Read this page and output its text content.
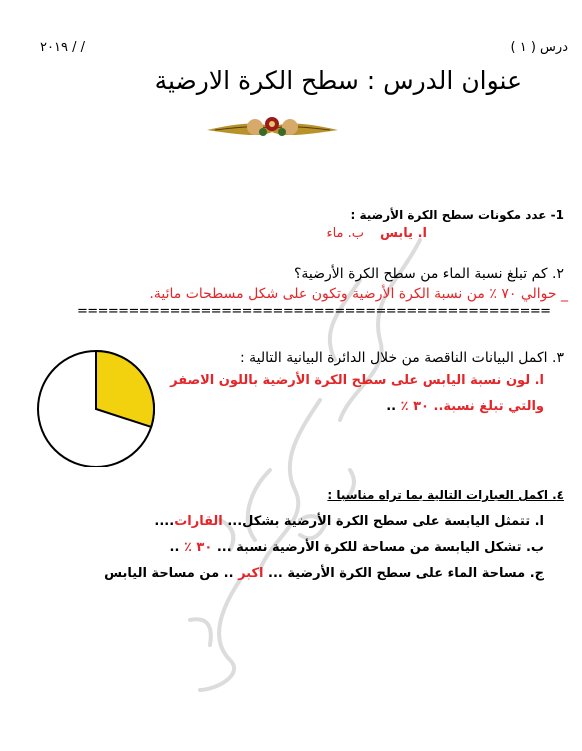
درس ( ١ )
٢٠١٩ / /
عنوان الدرس : سطح الكرة الارضية
1- عدد مكونات سطح الكرة الأرضية :
ا. يابس
ب. ماء
٢. كم تبلغ نسبة الماء من سطح الكرة الأرضية؟
_ حوالي ٧٠ ٪ من نسبة الكرة الأرضية وتكون على شكل مسطحات مائية.
==============================================
٣. اكمل البيانات الناقصة من خلال الدائرة البيانية التالية :
ا. لون نسبة اليابس على سطح الكرة الأرضية باللون الاصفر
والتي تبلغ نسبة.. ٣٠ ٪ ..
٤. اكمل العبارات التالية بما تراه مناسبا :
ا. تتمثل اليابسة على سطح الكرة الأرضية بشكل... القارات....
ب. تشكل اليابسة من مساحة للكرة الأرضية نسبة ... ٣٠ ٪ ..
ج. مساحة الماء على سطح الكرة الأرضية ... اكبر .. من مساحة اليابس
